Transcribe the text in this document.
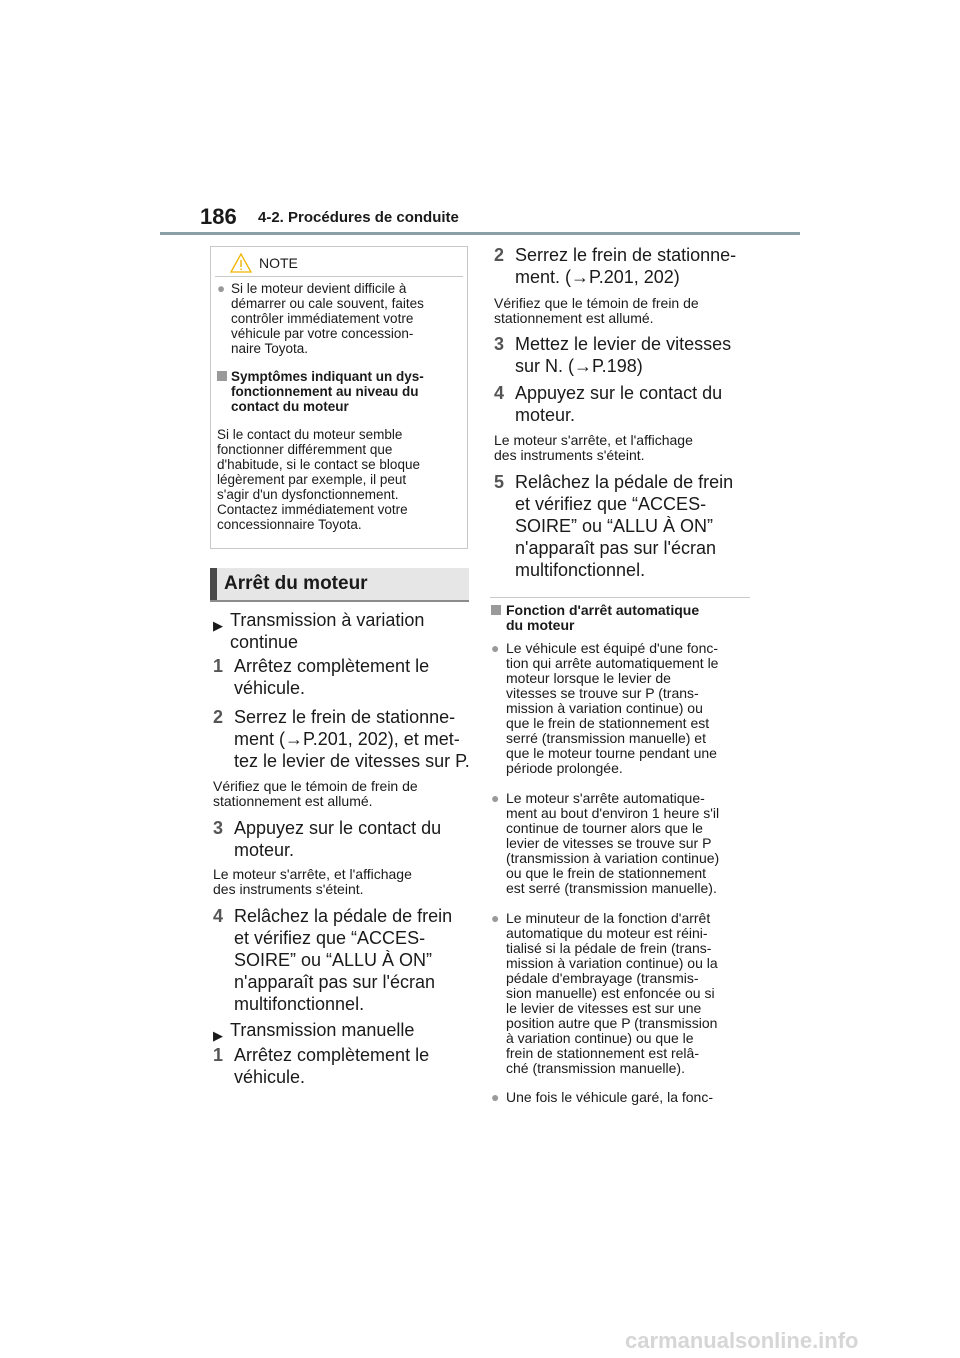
186 4-2. Procédures de conduite
NOTE
● Si le moteur devient difficile à
démarrer ou cale souvent, faites
contrôler immédiatement votre
véhicule par votre concession-
naire Toyota.
Symptômes indiquant un dys-
fonctionnement au niveau du
contact du moteur
Si le contact du moteur semble
fonctionner différemment que
d'habitude, si le contact se bloque
légèrement par exemple, il peut
s'agir d'un dysfonctionnement.
Contactez immédiatement votre
concessionnaire Toyota.
Arrêt du moteur
▶ Transmission à variation
continue
1 Arrêtez complètement le
véhicule.
2 Serrez le frein de stationne-
ment (→P.201, 202), et met-
tez le levier de vitesses sur P.
Vérifiez que le témoin de frein de
stationnement est allumé.
3 Appuyez sur le contact du
moteur.
Le moteur s'arrête, et l'affichage
des instruments s'éteint.
4 Relâchez la pédale de frein
et vérifiez que “ACCES-
SOIRE” ou “ALLU À ON”
n'apparaît pas sur l'écran
multifonctionnel.
▶ Transmission manuelle
1 Arrêtez complètement le
véhicule.
2 Serrez le frein de stationne-
ment. (→P.201, 202)
Vérifiez que le témoin de frein de
stationnement est allumé.
3 Mettez le levier de vitesses
sur N. (→P.198)
4 Appuyez sur le contact du
moteur.
Le moteur s'arrête, et l'affichage
des instruments s'éteint.
5 Relâchez la pédale de frein
et vérifiez que “ACCES-
SOIRE” ou “ALLU À ON”
n'apparaît pas sur l'écran
multifonctionnel.
Fonction d'arrêt automatique
du moteur
● Le véhicule est équipé d'une fonc-
tion qui arrête automatiquement le
moteur lorsque le levier de
vitesses se trouve sur P (trans-
mission à variation continue) ou
que le frein de stationnement est
serré (transmission manuelle) et
que le moteur tourne pendant une
période prolongée.
● Le moteur s'arrête automatique-
ment au bout d'environ 1 heure s'il
continue de tourner alors que le
levier de vitesses se trouve sur P
(transmission à variation continue)
ou que le frein de stationnement
est serré (transmission manuelle).
● Le minuteur de la fonction d'arrêt
automatique du moteur est réini-
tialisé si la pédale de frein (trans-
mission à variation continue) ou la
pédale d'embrayage (transmis-
sion manuelle) est enfoncée ou si
le levier de vitesses est sur une
position autre que P (transmission
à variation continue) ou que le
frein de stationnement est relâ-
ché (transmission manuelle).
● Une fois le véhicule garé, la fonc-
carmanualsonline.info
